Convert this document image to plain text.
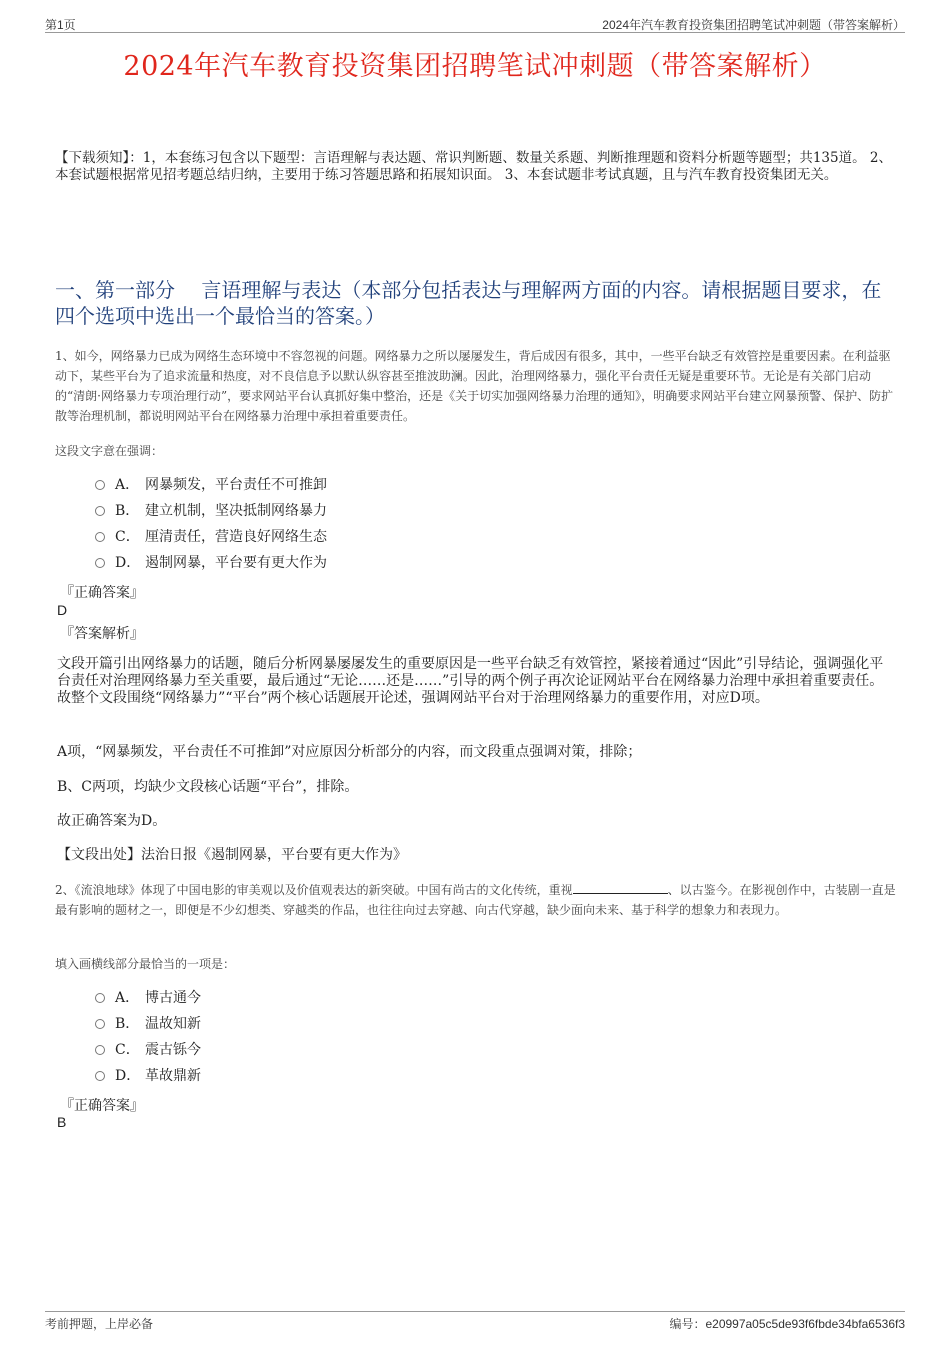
第1页	2024年汽车教育投资集团招聘笔试冲刺题（带答案解析）
2024年汽车教育投资集团招聘笔试冲刺题（带答案解析）
【下载须知】：1，本套练习包含以下题型：言语理解与表达题、常识判断题、数量关系题、判断推理题和资料分析题等题型；共135道。 2、本套试题根据常见招考题总结归纳，主要用于练习答题思路和拓展知识面。 3、本套试题非考试真题，且与汽车教育投资集团无关。
一、第一部分　 言语理解与表达（本部分包括表达与理解两方面的内容。请根据题目要求，在四个选项中选出一个最恰当的答案。）
1、如今，网络暴力已成为网络生态环境中不容忽视的问题。网络暴力之所以屡屡发生，背后成因有很多，其中，一些平台缺乏有效管控是重要因素。在利益驱动下，某些平台为了追求流量和热度，对不良信息予以默认纵容甚至推波助澜。因此，治理网络暴力，强化平台责任无疑是重要环节。无论是有关部门启动的“清朗·网络暴力专项治理行动”，要求网站平台认真抓好集中整治，还是《关于切实加强网络暴力治理的通知》，明确要求网站平台建立网暴预警、保护、防扩散等治理机制，都说明网站平台在网络暴力治理中承担着重要责任。
这段文字意在强调：
A． 网暴频发，平台责任不可推卸
B． 建立机制，坚决抵制网络暴力
C． 厘清责任，营造良好网络生态
D． 遏制网暴，平台要有更大作为
『正确答案』
D
『答案解析』
文段开篇引出网络暴力的话题，随后分析网暴屡屡发生的重要原因是一些平台缺乏有效管控，紧接着通过“因此”引导结论，强调强化平台责任对治理网络暴力至关重要，最后通过“无论……还是……”引导的两个例子再次论证网站平台在网络暴力治理中承担着重要责任。故整个文段围绕“网络暴力”“平台”两个核心话题展开论述，强调网站平台对于治理网络暴力的重要作用，对应D项。
A项，“网暴频发，平台责任不可推卸”对应原因分析部分的内容，而文段重点强调对策，排除；
B、C两项，均缺少文段核心话题“平台”，排除。
故正确答案为D。
【文段出处】法治日报《遏制网暴，平台要有更大作为》
2、《流浪地球》体现了中国电影的审美观以及价值观表达的新突破。中国有尚古的文化传统，重视	、以古鉴今。在影视创作中，古装剧一直是最有影响的题材之一，即便是不少幻想类、穿越类的作品，也往往向过去穿越、向古代穿越，缺少面向未来、基于科学的想象力和表现力。
填入画横线部分最恰当的一项是：
A． 博古通今
B． 温故知新
C． 震古铄今
D． 革故鼎新
『正确答案』
B
考前押题，上岸必备	编号：e20997a05c5de93f6fbde34bfa6536f3
